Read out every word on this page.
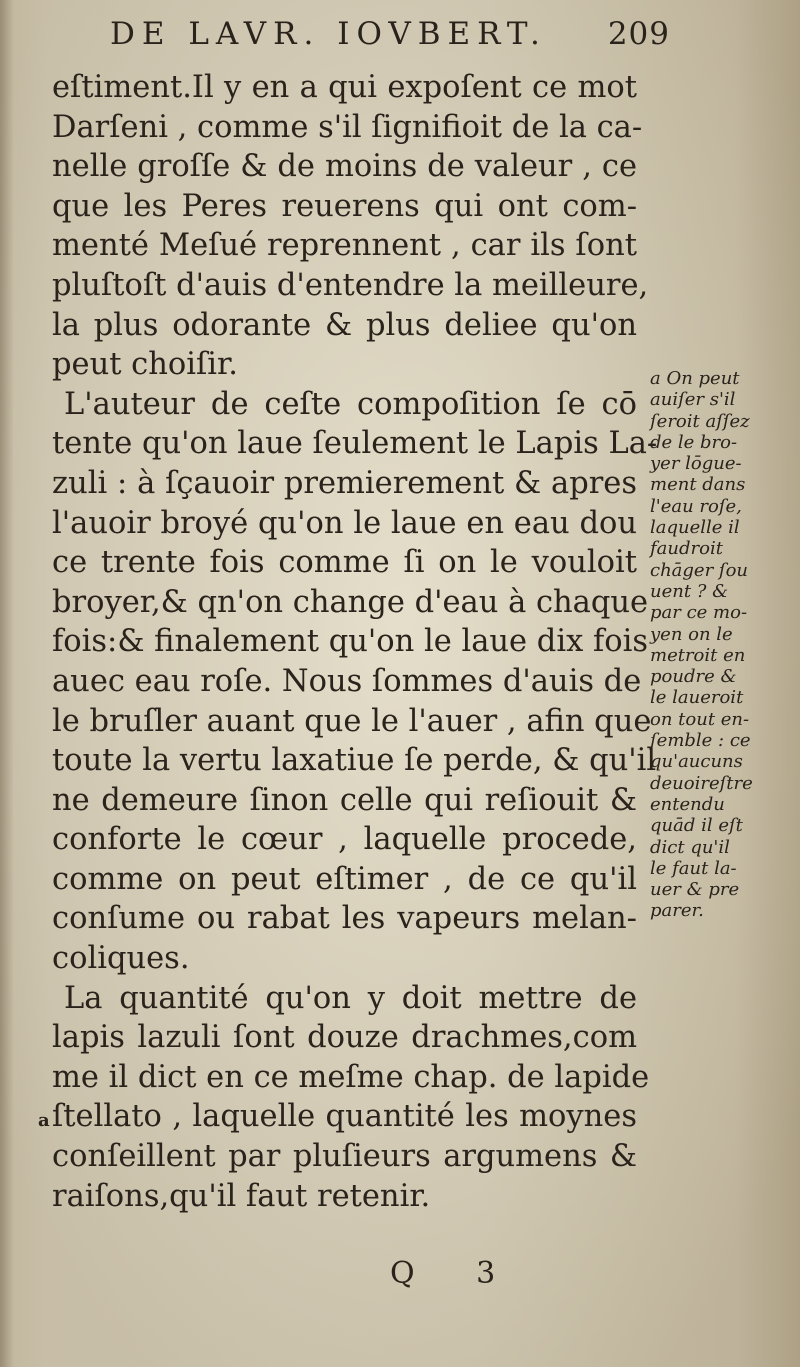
DE LAVR. IOVBERT. 209
eſtiment.Il y en a qui expoſent ce mot
Darſeni , comme s'il ſignifioit de la ca-
nelle groſſe & de moins de valeur , ce
que les Peres reuerens qui ont com-
menté Meſué reprennent , car ils ſont
pluſtoſt d'auis d'entendre la meilleure,
la plus odorante & plus deliee qu'on
peut choiſir.
L'auteur de ceſte compoſition ſe cō
tente qu'on laue ſeulement le Lapis La-
zuli : à ſçauoir premierement & apres
l'auoir broyé qu'on le laue en eau dou
ce trente fois comme ſi on le vouloit
broyer,& qn'on change d'eau à chaque
fois:& finalement qu'on le laue dix fois
auec eau roſe. Nous ſommes d'auis de
le bruſler auant que le l'auer , afin que
toute la vertu laxatiue ſe perde, & qu'il
ne demeure ſinon celle qui reſiouit &
conforte le cœur , laquelle procede,
comme on peut eſtimer , de ce qu'il
conſume ou rabat les vapeurs melan-
coliques.
La quantité qu'on y doit mettre de
lapis lazuli ſont douze drachmes,com
me il dict en ce meſme chap. de lapide
ſtellato , laquelle quantité les moynes
conſeillent par pluſieurs argumens &
raiſons,qu'il faut retenir.
a
a On peut
auiſer s'il
ſeroit aſſez
de le bro-
yer lōgue-
ment dans
l'eau roſe,
laquelle il
faudroit
chāger ſou
uent ? &
par ce mo-
yen on le
metroit en
poudre &
le laueroit
on tout en-
ſemble : ce
qu'aucuns
deuoireſtre
entendu
quād il eſt
dict qu'il
le faut la-
uer & pre
parer.
Q 3
